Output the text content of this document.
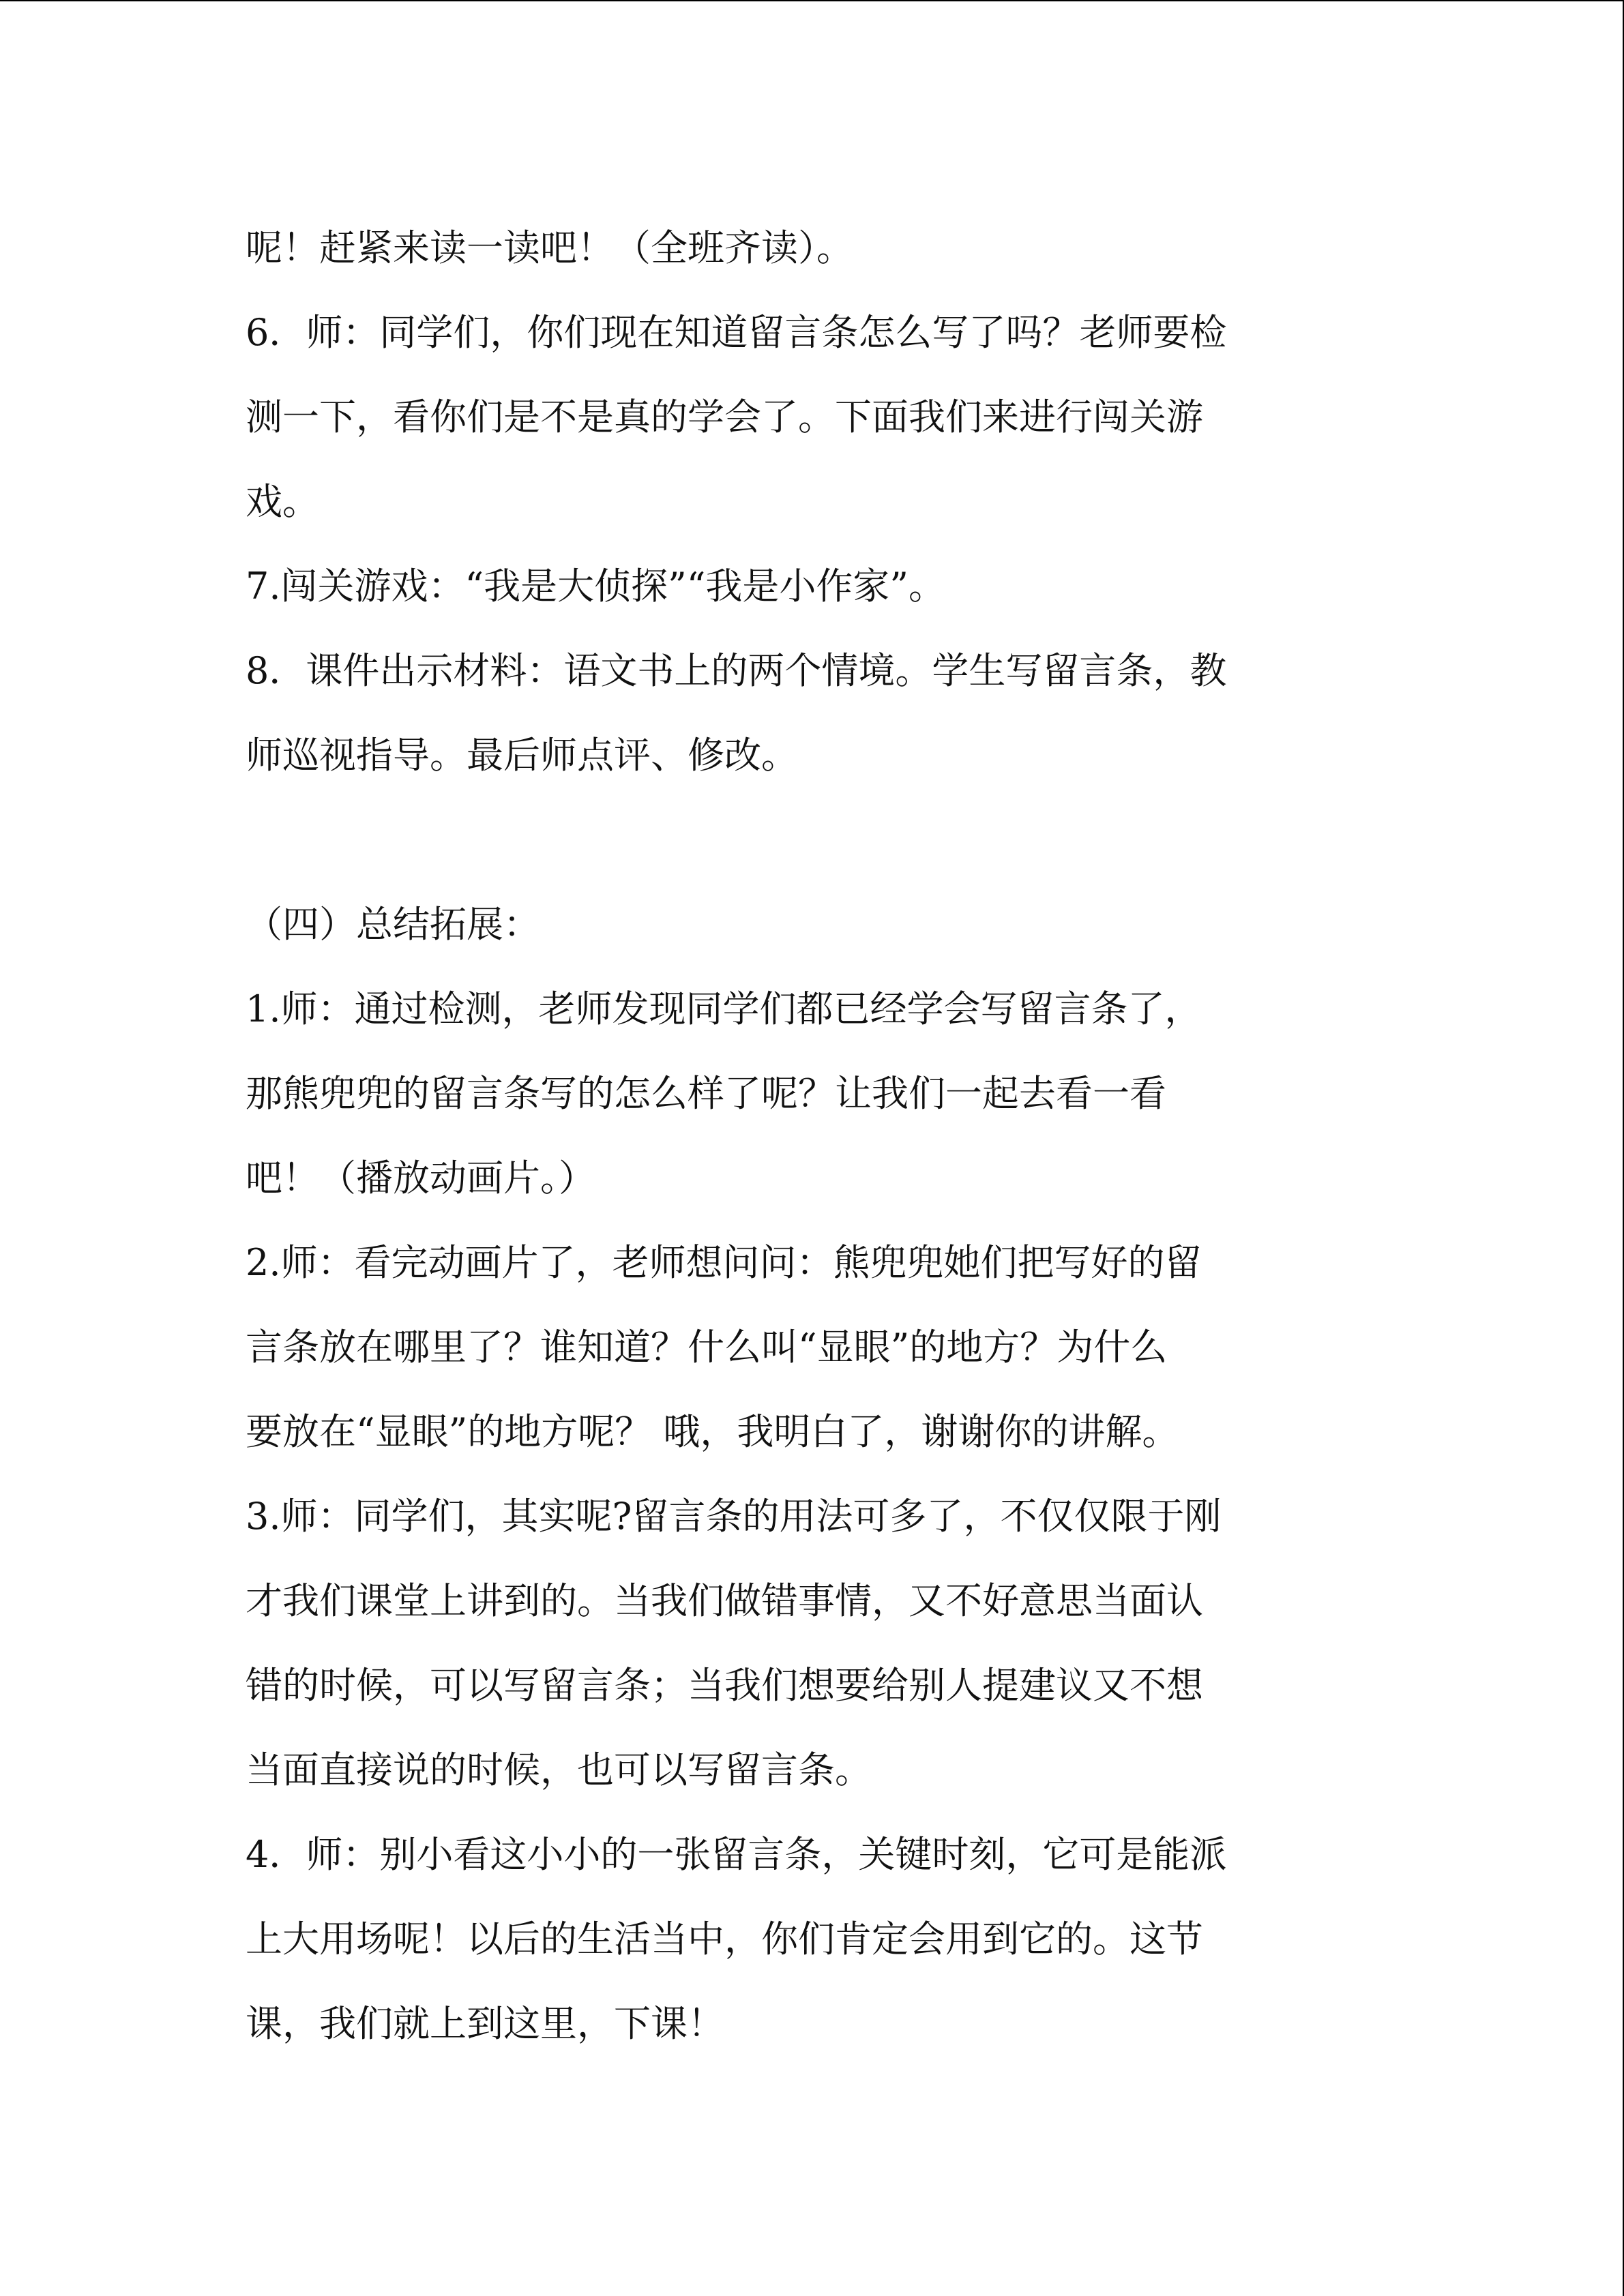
呢！赶紧来读一读吧！（全班齐读）。
6．师：同学们，你们现在知道留言条怎么写了吗？老师要检
测一下，看你们是不是真的学会了。下面我们来进行闯关游
戏。
7.闯关游戏：“我是大侦探”“我是小作家”。
8．课件出示材料：语文书上的两个情境。学生写留言条，教
师巡视指导。最后师点评、修改。
（四）总结拓展：
1.师：通过检测，老师发现同学们都已经学会写留言条了，
那熊兜兜的留言条写的怎么样了呢？让我们一起去看一看
吧！（播放动画片。）
2.师：看完动画片了，老师想问问：熊兜兜她们把写好的留
言条放在哪里了？谁知道？什么叫“显眼”的地方？为什么
要放在“显眼”的地方呢？ 哦，我明白了，谢谢你的讲解。
3.师：同学们，其实呢?留言条的用法可多了，不仅仅限于刚
才我们课堂上讲到的。当我们做错事情，又不好意思当面认
错的时候，可以写留言条；当我们想要给别人提建议又不想
当面直接说的时候，也可以写留言条。
4．师：别小看这小小的一张留言条，关键时刻，它可是能派
上大用场呢！以后的生活当中，你们肯定会用到它的。这节
课，我们就上到这里，下课！
